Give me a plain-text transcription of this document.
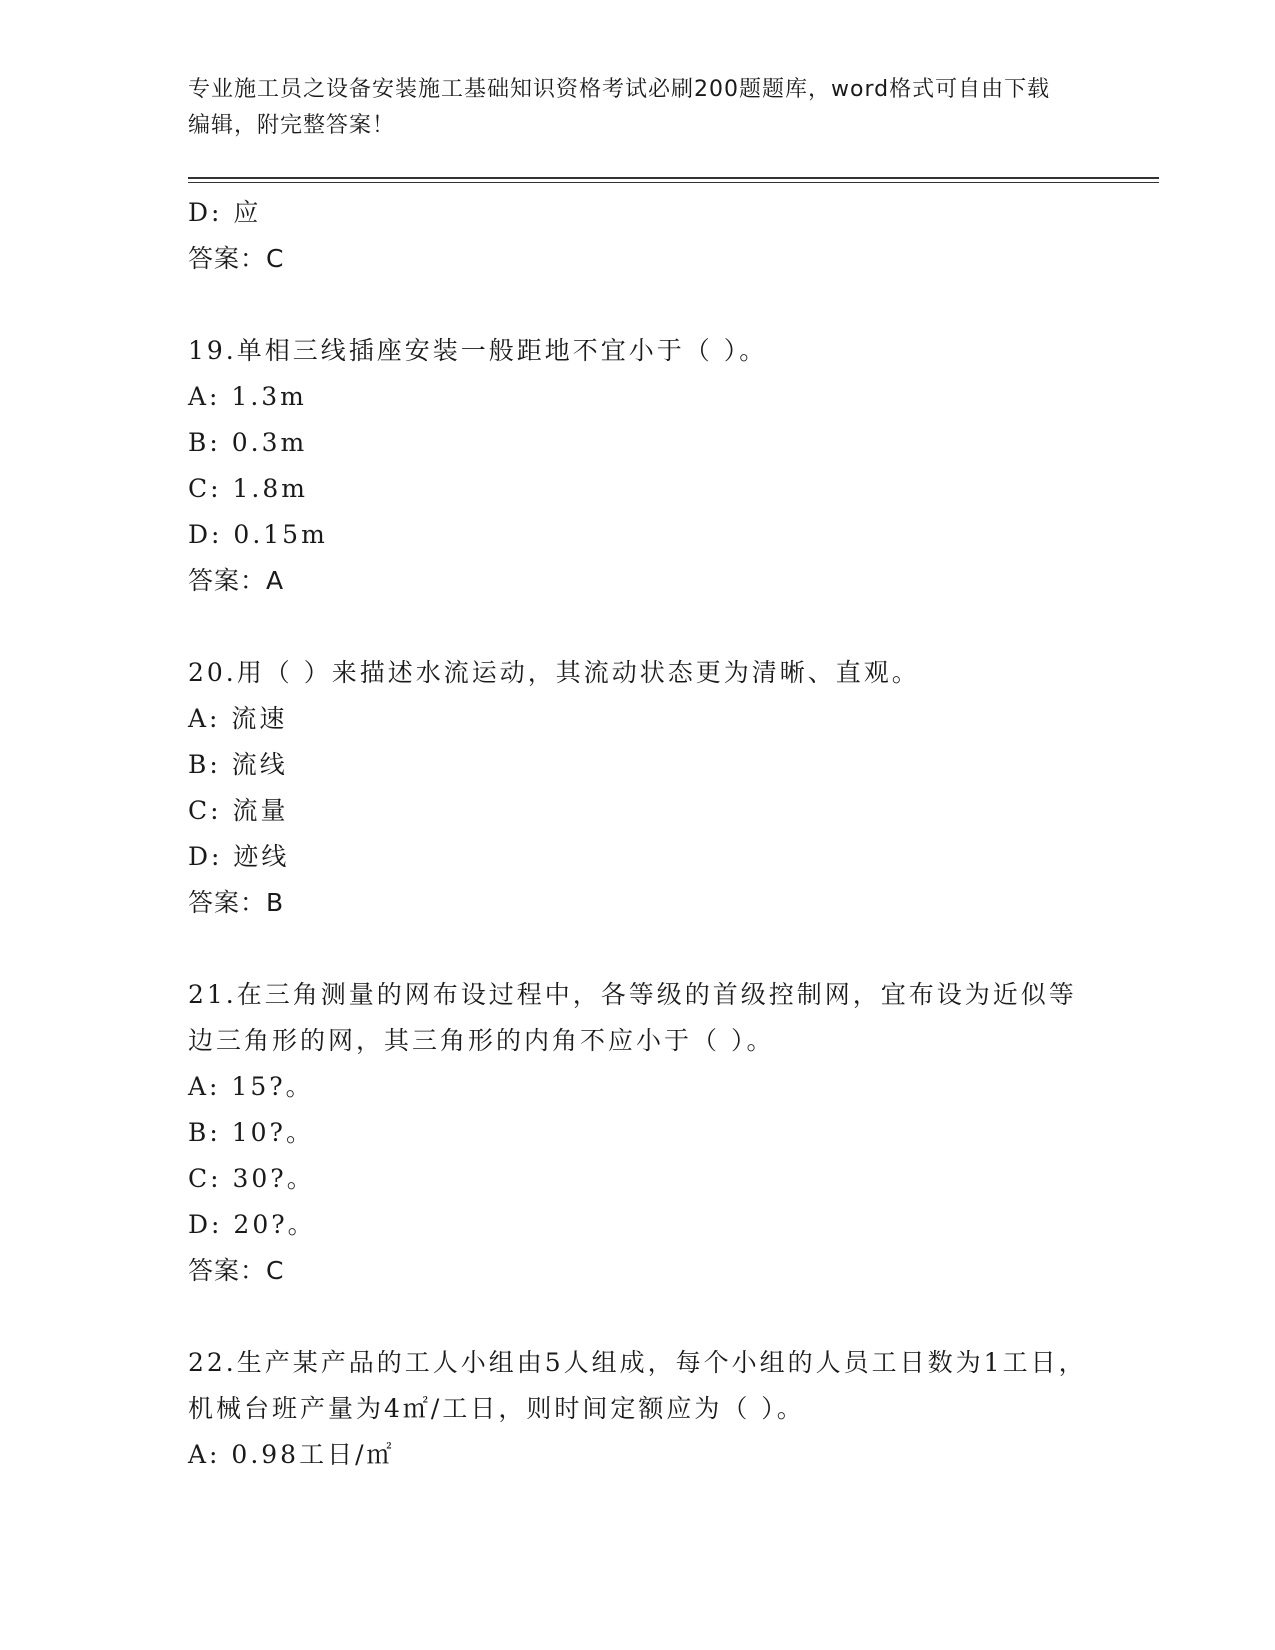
专业施工员之设备安装施工基础知识资格考试必刷200题题库，word格式可自由下载编辑，附完整答案！
D: 应
答案：C
19.单相三线插座安装一般距地不宜小于（ ）。
A: 1.3m
B: 0.3m
C: 1.8m
D: 0.15m
答案：A
20.用（ ）来描述水流运动，其流动状态更为清晰、直观。
A: 流速
B: 流线
C: 流量
D: 迹线
答案：B
21.在三角测量的网布设过程中，各等级的首级控制网，宜布设为近似等边三角形的网，其三角形的内角不应小于（ ）。
A: 15?。
B: 10?。
C: 30?。
D: 20?。
答案：C
22.生产某产品的工人小组由5人组成，每个小组的人员工日数为1工日，机械台班产量为4㎡/工日，则时间定额应为（ ）。
A: 0.98工日/㎡
